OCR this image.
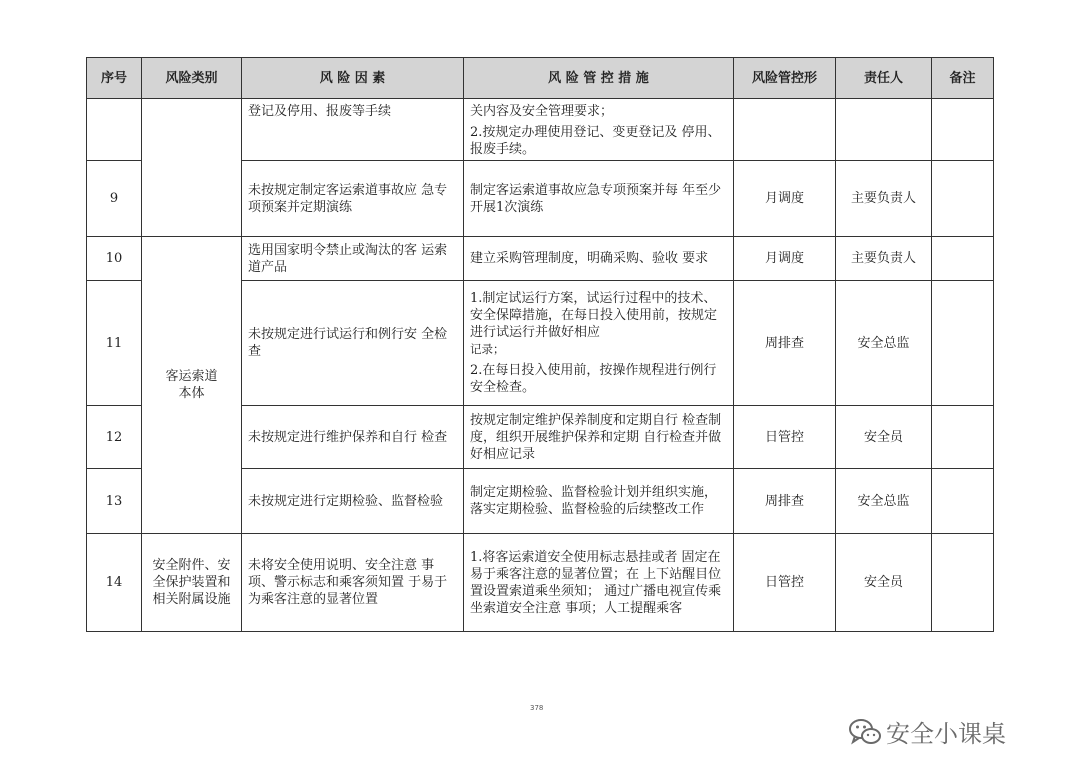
序号	风险类别	风 险 因 素	风 险 管 控 措 施	风险管控形	责任人	备注
		登记及停用、报废等手续	关内容及安全管理要求；
2.按规定办理使用登记、变更登记及 停用、报废手续。			

9		未按规定制定客运索道事故应 急专项预案并定期演练	制定客运索道事故应急专项预案并每 年至少开展1次演练	月调度	主要负责人	
10	客运索道本体	选用国家明令禁止或淘汰的客 运索道产品	建立采购管理制度，明确采购、验收 要求	月调度	主要负责人	
11		未按规定进行试运行和例行安 全检查	1.制定试运行方案，试运行过程中的技术、安全保障措施，在每日投入使用前，按规定进行试运行并做好相应
记录；
2.在每日投入使用前，按操作规程进行例行安全检查。	周排查	安全总监	
12		未按规定进行维护保养和自行 检查	按规定制定维护保养制度和定期自行 检查制度，组织开展维护保养和定期 自行检查并做好相应记录	日管控	安全员	
13		未按规定进行定期检验、监督检验	制定定期检验、监督检验计划并组织实施，落实定期检验、监督检验的后续整改工作	周排查	安全总监	
14	安全附件、安全保护装置和相关附属设施	未将安全使用说明、安全注意 事项、警示标志和乘客须知置 于易于为乘客注意的显著位置	1.将客运索道安全使用标志悬挂或者 固定在易于乘客注意的显著位置；在 上下站醒目位置设置索道乘坐须知； 通过广播电视宣传乘坐索道安全注意 事项；人工提醒乘客	日管控	安全员	
378
安全小课桌
